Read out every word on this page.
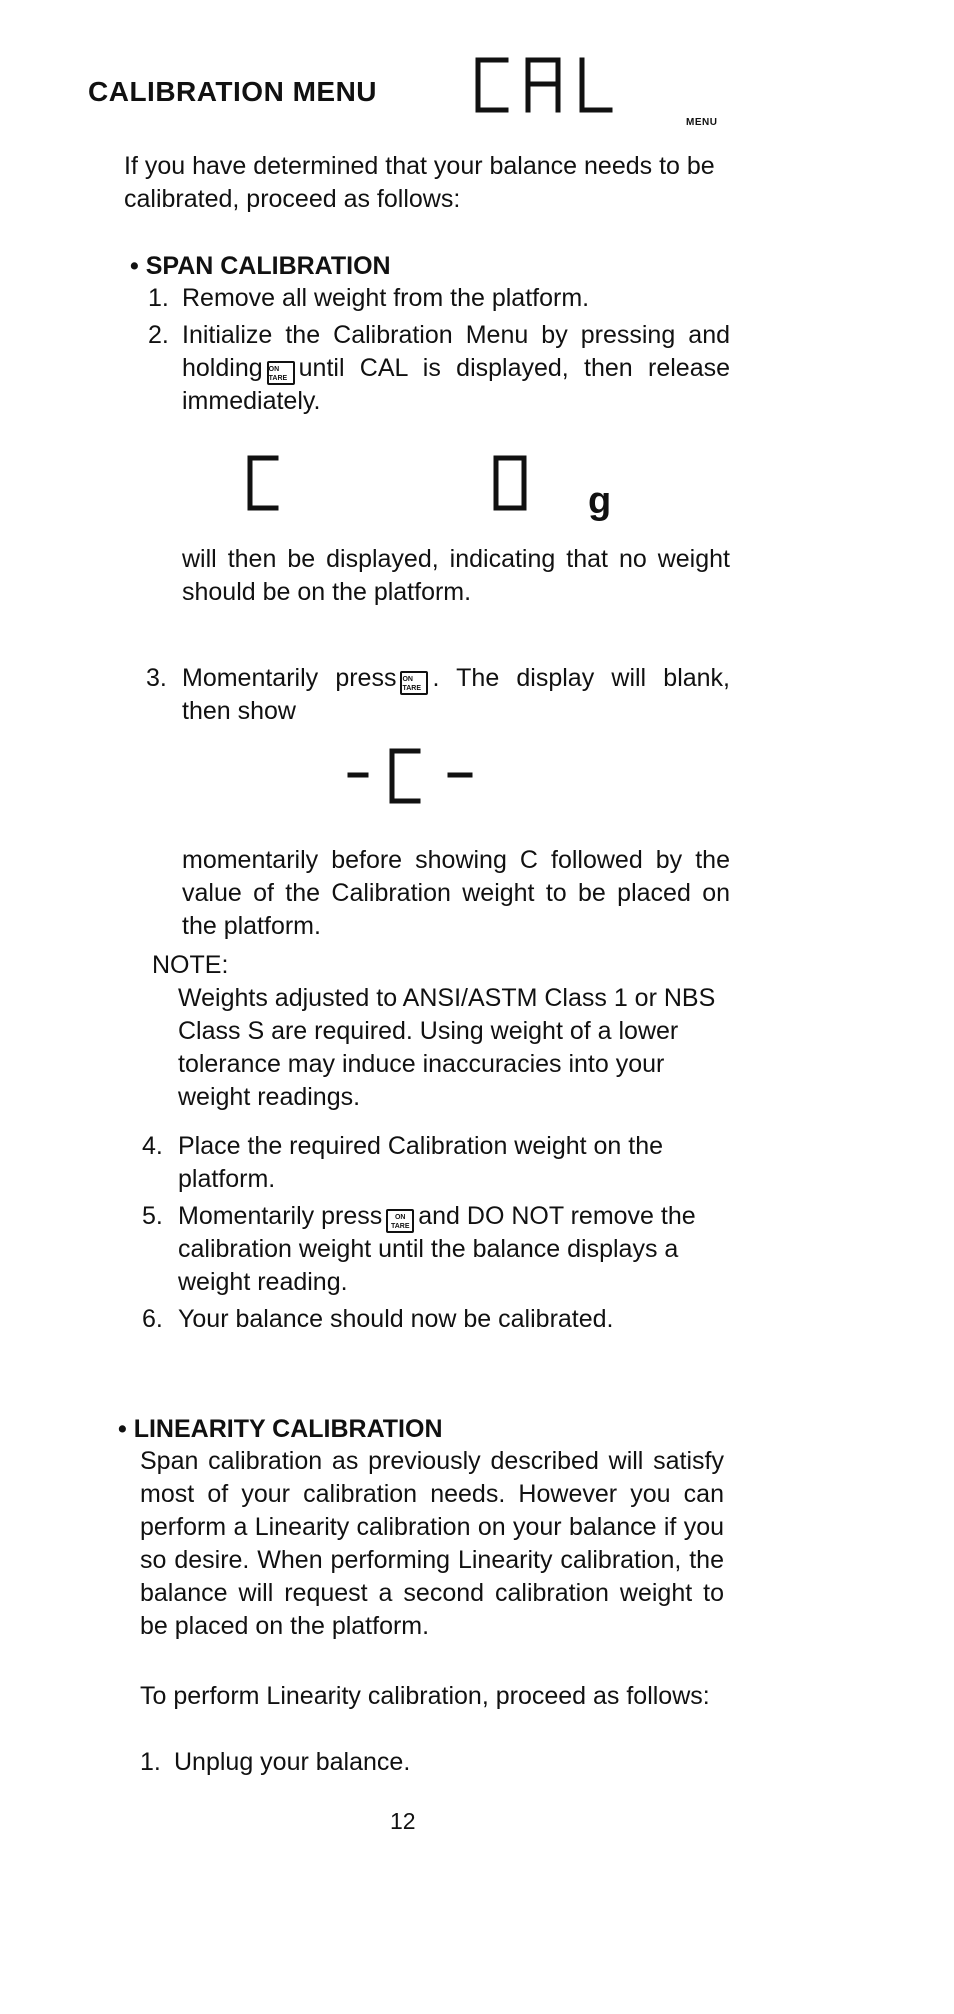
CALIBRATION MENU
MENU
If you have determined that your balance needs to be calibrated, proceed as follows:
• SPAN CALIBRATION
1. Remove all weight from the platform.
2. Initialize the Calibration Menu by pressing and holding ON
TARE until CAL is displayed, then release immediately.
g
will then be displayed, indicating that no weight should be on the platform.
3. Momentarily press ON
TARE . The display will blank, then show
momentarily before showing C followed by the value of the Calibration weight to be placed on the platform.
NOTE:
Weights adjusted to ANSI/ASTM Class 1 or NBS Class S are required. Using weight of a lower tolerance may induce inaccuracies into your weight readings.
4. Place the required Calibration weight on the platform.
5. Momentarily press	ON
TARE and DO NOT remove the calibration weight until the balance displays a weight reading.
6. Your balance should now be calibrated.
• LINEARITY CALIBRATION
Span calibration as previously described will satisfy most of your calibration needs. However you can perform a Linearity calibration on your balance if you so desire. When performing Linearity calibration, the balance will request a second calibration weight to be placed on the platform.
To perform Linearity calibration, proceed as follows:
1. Unplug your balance.
12
